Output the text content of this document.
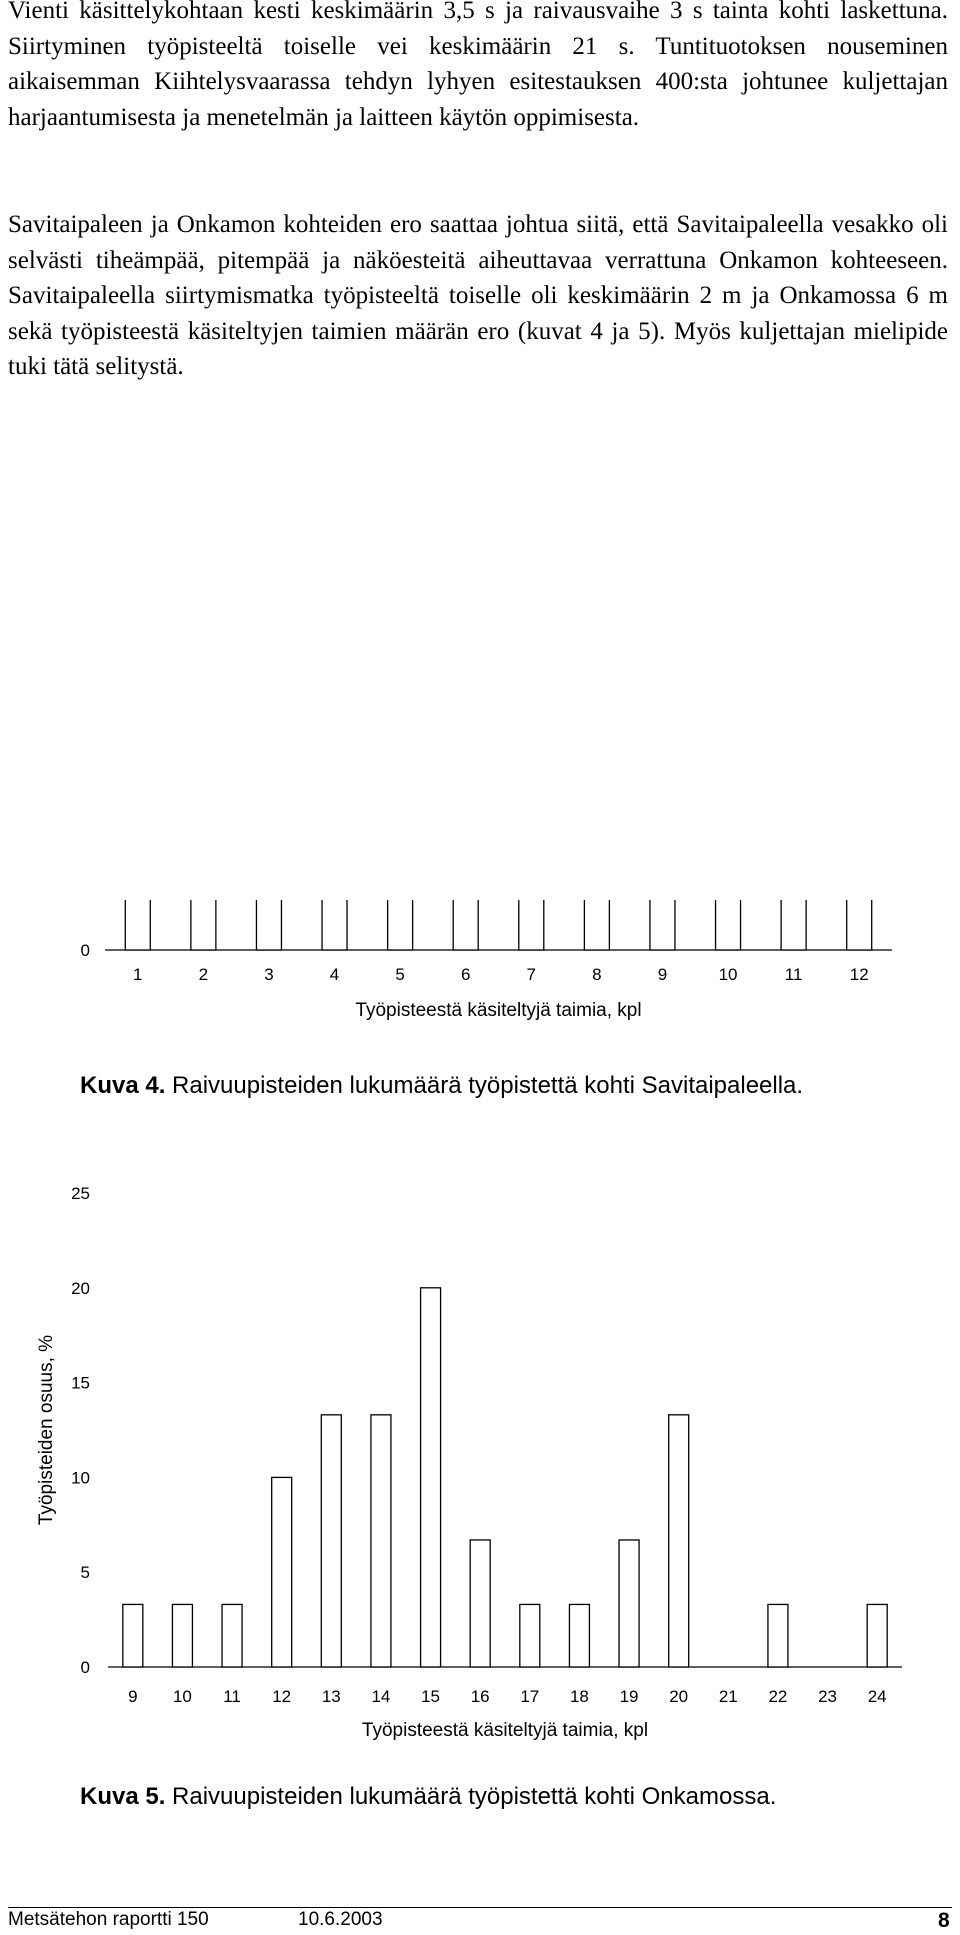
Vienti käsittelykohtaan kesti keskimäärin 3,5 s ja raivausvaihe 3 s tainta kohti laskettuna. Siirtyminen työpisteeltä toiselle vei keskimäärin 21 s. Tuntituotoksen nouseminen aikaisemman Kiihtelysvaarassa tehdyn lyhyen esitestauksen 400:sta johtunee kuljettajan harjaantumisesta ja menetelmän ja laitteen käytön oppimisesta.

Savitaipaleen ja Onkamon kohteiden ero saattaa johtua siitä, että Savitaipaleella vesakko oli selvästi tiheämpää, pitempää ja näköesteitä aiheuttavaa verrattuna Onkamon kohteeseen. Savitaipaleella siirtymismatka työpisteeltä toiselle oli keskimäärin 2 m ja Onkamossa 6 m sekä työpisteestä käsiteltyjen taimien määrän ero (kuvat 4 ja 5). Myös kuljettajan mielipide tuki tätä selitystä.

0
1	2	3	4	5	6	7	8	9	10	11	12
Työpisteestä käsiteltyjä taimia, kpl

Kuva 4. Raivuupisteiden lukumäärä työpistettä kohti Savitaipaleella.

0
5
10
15
20
25
9 10 11 12 13 14 15 16 17 18 19 20 21 22 23 24
Työpisteestä käsiteltyjä taimia, kpl
Työpisteiden osuus, %

Kuva 5. Raivuupisteiden lukumäärä työpistettä kohti Onkamossa.

Metsätehon raportti 150	10.6.2003	8
